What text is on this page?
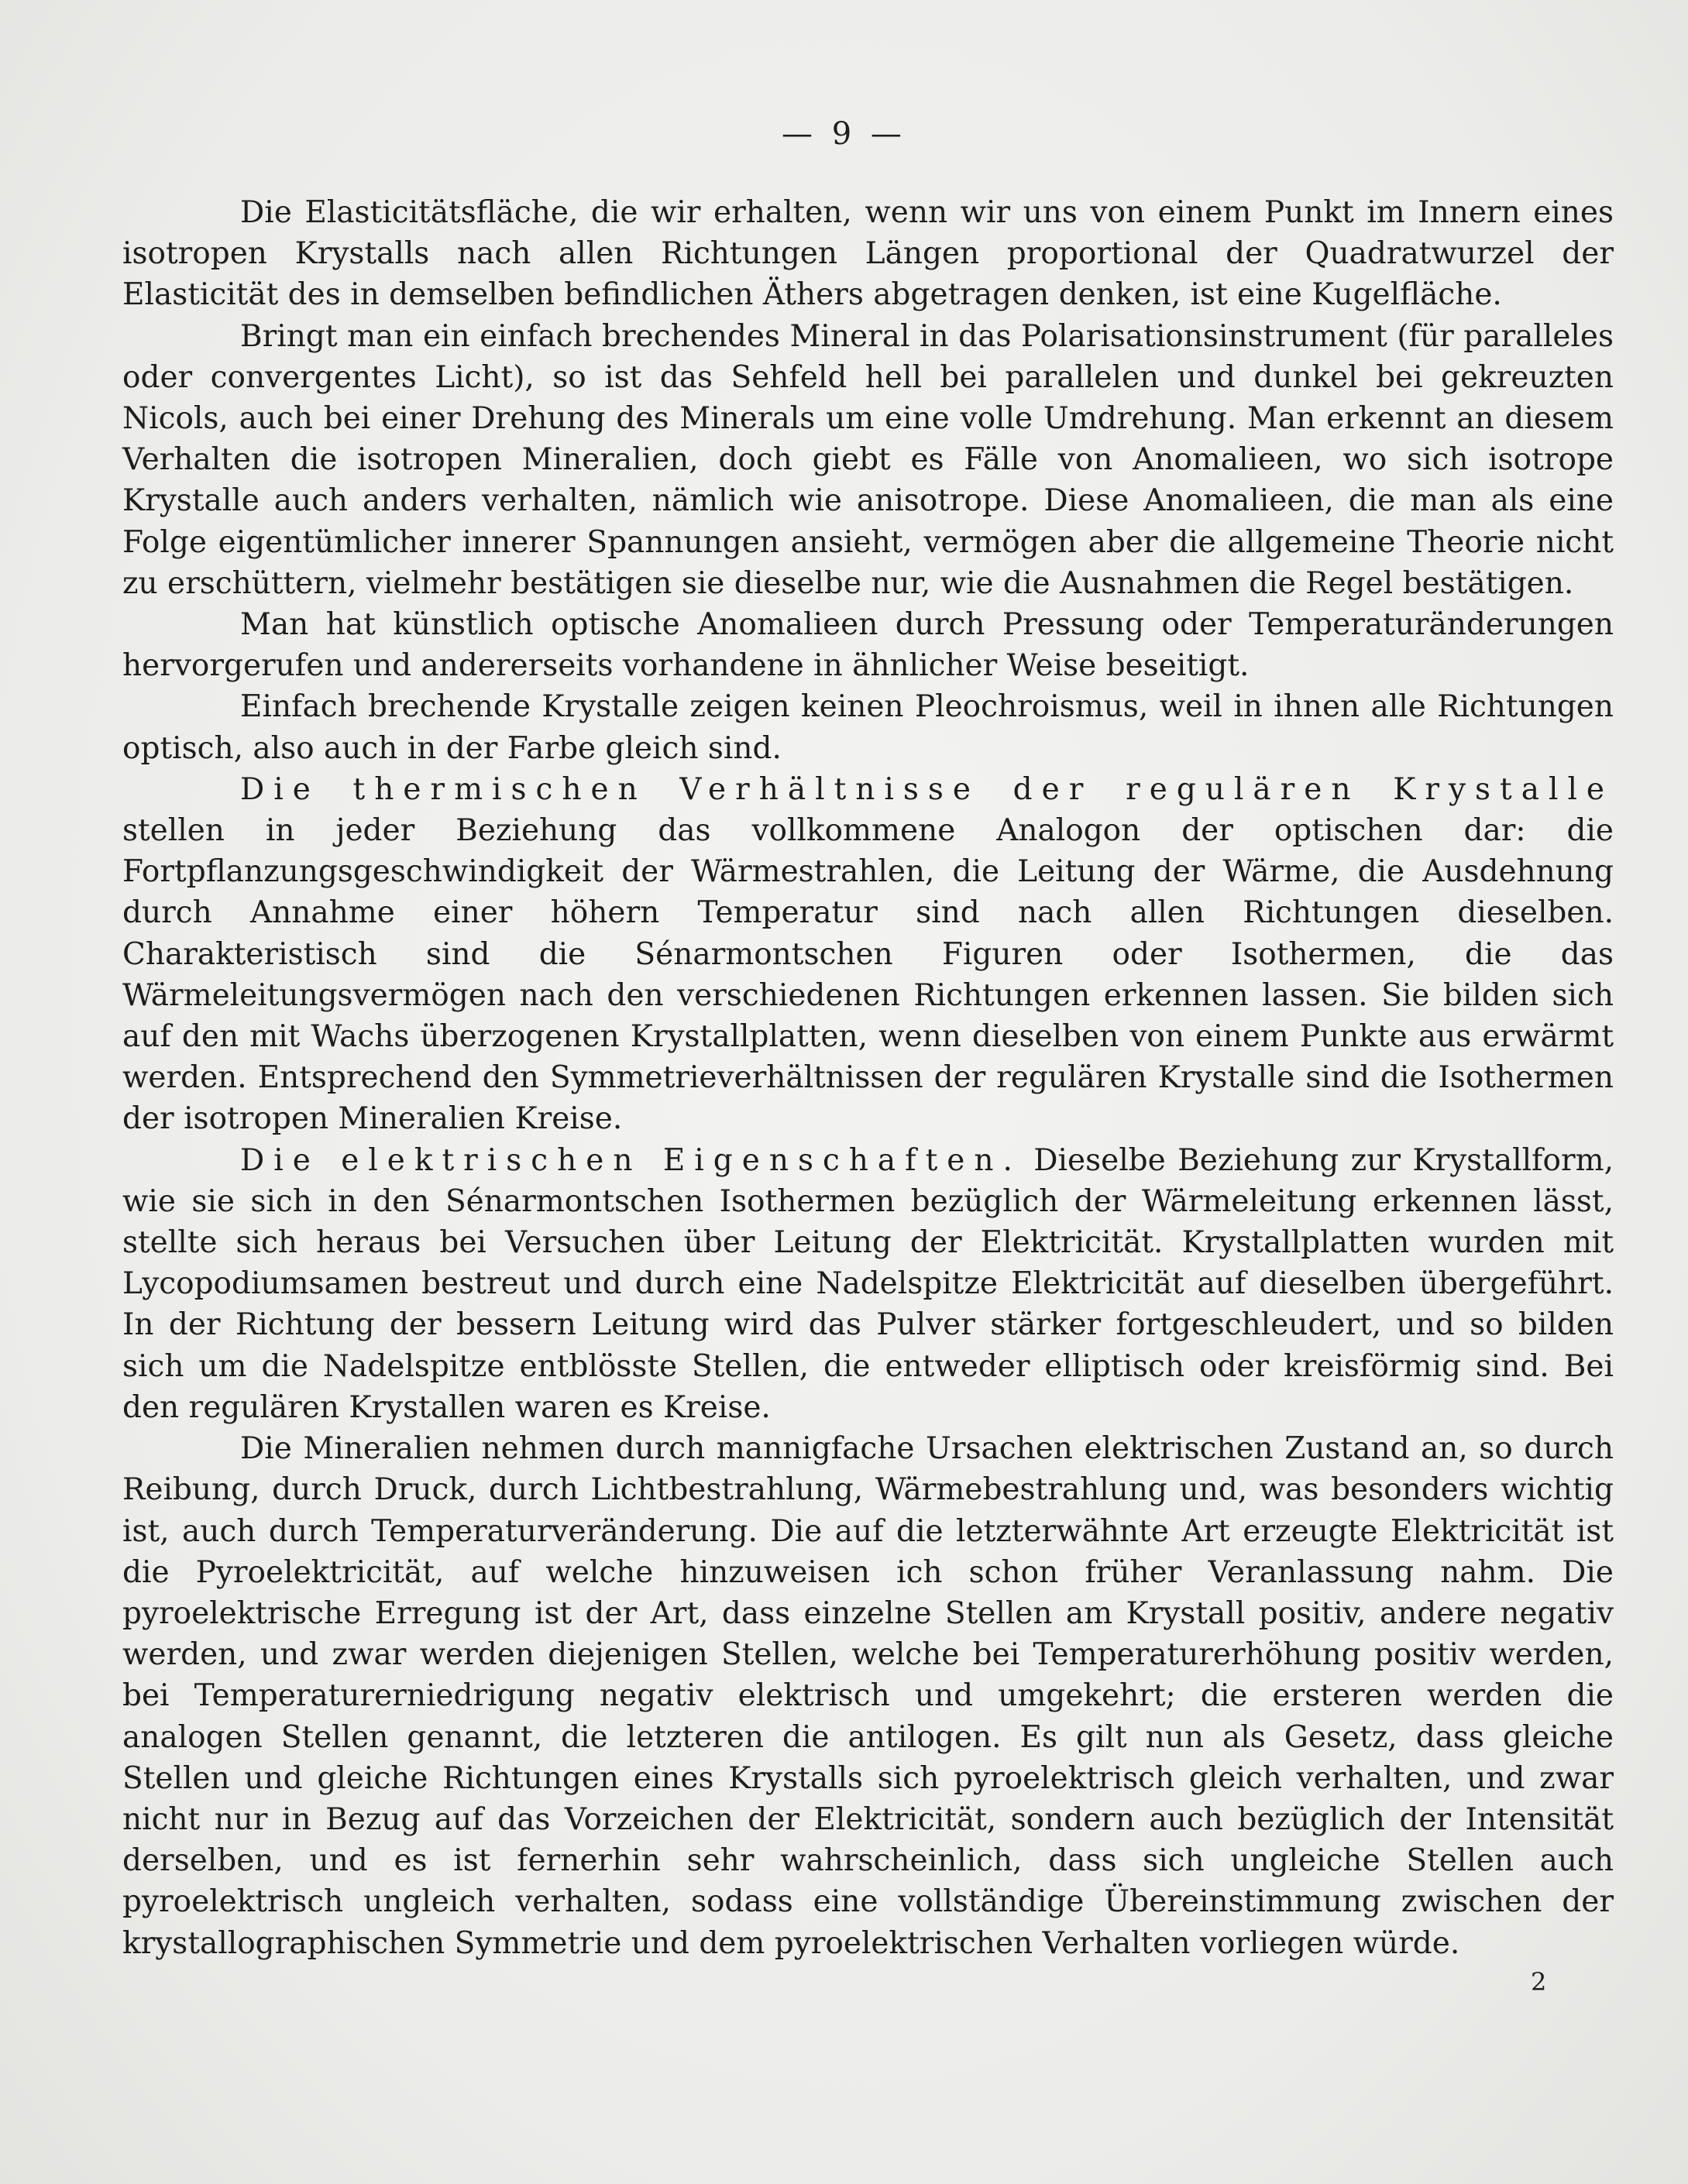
— 9 —

Die Elasticitätsfläche, die wir erhalten, wenn wir uns von einem Punkt im Innern eines isotropen Krystalls nach allen Richtungen Längen proportional der Quadratwurzel der Elasticität des in demselben befindlichen Äthers abgetragen denken, ist eine Kugelfläche.

Bringt man ein einfach brechendes Mineral in das Polarisationsinstrument (für paralleles oder convergentes Licht), so ist das Sehfeld hell bei parallelen und dunkel bei gekreuzten Nicols, auch bei einer Drehung des Minerals um eine volle Umdrehung. Man erkennt an diesem Verhalten die isotropen Mineralien, doch giebt es Fälle von Anomalieen, wo sich isotrope Krystalle auch anders verhalten, nämlich wie anisotrope. Diese Anomalieen, die man als eine Folge eigentümlicher innerer Spannungen ansieht, vermögen aber die allgemeine Theorie nicht zu erschüttern, vielmehr bestätigen sie dieselbe nur, wie die Ausnahmen die Regel bestätigen.

Man hat künstlich optische Anomalieen durch Pressung oder Temperaturänderungen hervorgerufen und andererseits vorhandene in ähnlicher Weise beseitigt.

Einfach brechende Krystalle zeigen keinen Pleochroismus, weil in ihnen alle Richtungen optisch, also auch in der Farbe gleich sind.

Die thermischen Verhältnisse der regulären Krystalle stellen in jeder Beziehung das vollkommene Analogon der optischen dar: die Fortpflanzungsgeschwindigkeit der Wärmestrahlen, die Leitung der Wärme, die Ausdehnung durch Annahme einer höhern Temperatur sind nach allen Richtungen dieselben. Charakteristisch sind die Sénarmontschen Figuren oder Isothermen, die das Wärmeleitungsvermögen nach den verschiedenen Richtungen erkennen lassen. Sie bilden sich auf den mit Wachs überzogenen Krystallplatten, wenn dieselben von einem Punkte aus erwärmt werden. Entsprechend den Symmetrieverhältnissen der regulären Krystalle sind die Isothermen der isotropen Mineralien Kreise.

Die elektrischen Eigenschaften. Dieselbe Beziehung zur Krystallform, wie sie sich in den Sénarmontschen Isothermen bezüglich der Wärmeleitung erkennen lässt, stellte sich heraus bei Versuchen über Leitung der Elektricität. Krystallplatten wurden mit Lycopodiumsamen bestreut und durch eine Nadelspitze Elektricität auf dieselben übergeführt. In der Richtung der bessern Leitung wird das Pulver stärker fortgeschleudert, und so bilden sich um die Nadelspitze entblösste Stellen, die entweder elliptisch oder kreisförmig sind. Bei den regulären Krystallen waren es Kreise.

Die Mineralien nehmen durch mannigfache Ursachen elektrischen Zustand an, so durch Reibung, durch Druck, durch Lichtbestrahlung, Wärmebestrahlung und, was besonders wichtig ist, auch durch Temperaturveränderung. Die auf die letzterwähnte Art erzeugte Elektricität ist die Pyroelektricität, auf welche hinzuweisen ich schon früher Veranlassung nahm. Die pyroelektrische Erregung ist der Art, dass einzelne Stellen am Krystall positiv, andere negativ werden, und zwar werden diejenigen Stellen, welche bei Temperaturerhöhung positiv werden, bei Temperaturerniedrigung negativ elektrisch und umgekehrt; die ersteren werden die analogen Stellen genannt, die letzteren die antilogen. Es gilt nun als Gesetz, dass gleiche Stellen und gleiche Richtungen eines Krystalls sich pyroelektrisch gleich verhalten, und zwar nicht nur in Bezug auf das Vorzeichen der Elektricität, sondern auch bezüglich der Intensität derselben, und es ist fernerhin sehr wahrscheinlich, dass sich ungleiche Stellen auch pyroelektrisch ungleich verhalten, sodass eine vollständige Übereinstimmung zwischen der krystallographischen Symmetrie und dem pyroelektrischen Verhalten vorliegen würde.

2
